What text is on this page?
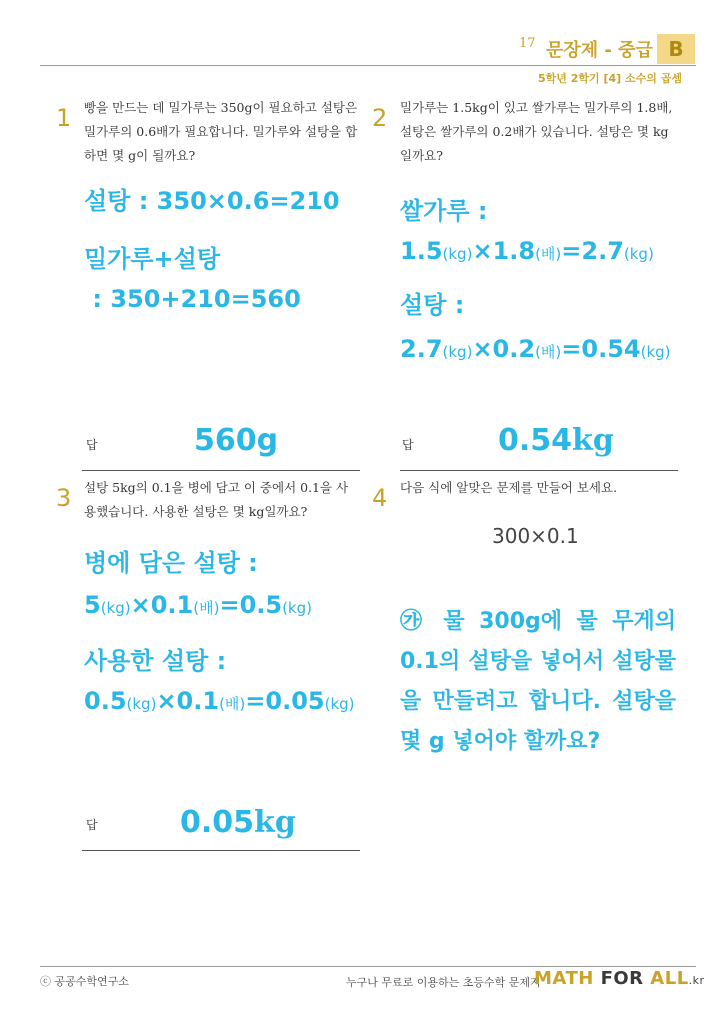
17 문장제 - 중급 B
5학년 2학기 [4] 소수의 곱셈
1 빵을 만드는 데 밀가루는 350g이 필요하고 설탕은 밀가루의 0.6배가 필요합니다. 밀가루와 설탕을 합하면 몇 g이 될까요?
설탕 : 350×0.6=210
밀가루+설탕
: 350+210=560
답	560g
2 밀가루는 1.5kg이 있고 쌀가루는 밀가루의 1.8배, 설탕은 쌀가루의 0.2배가 있습니다. 설탕은 몇 kg일까요?
쌀가루 :
1.5(kg)×1.8(배)=2.7(kg)
설탕 :
2.7(kg)×0.2(배)=0.54(kg)
답	0.54kg
3 설탕 5kg의 0.1을 병에 담고 이 중에서 0.1을 사용했습니다. 사용한 설탕은 몇 kg일까요?
병에 담은 설탕 :
5(kg)×0.1(배)=0.5(kg)
사용한 설탕 :
0.5(kg)×0.1(배)=0.05(kg)
답	0.05kg
4 다음 식에 알맞은 문제를 만들어 보세요.
300×0.1
㉮ 물 300g에 물 무게의 0.1의 설탕을 넣어서 설탕물을 만들려고 합니다. 설탕을 몇 g 넣어야 할까요?
ⓒ 공공수학연구소	누구나 무료로 이용하는 초등수학 문제지
MATH FOR ALL.kr
